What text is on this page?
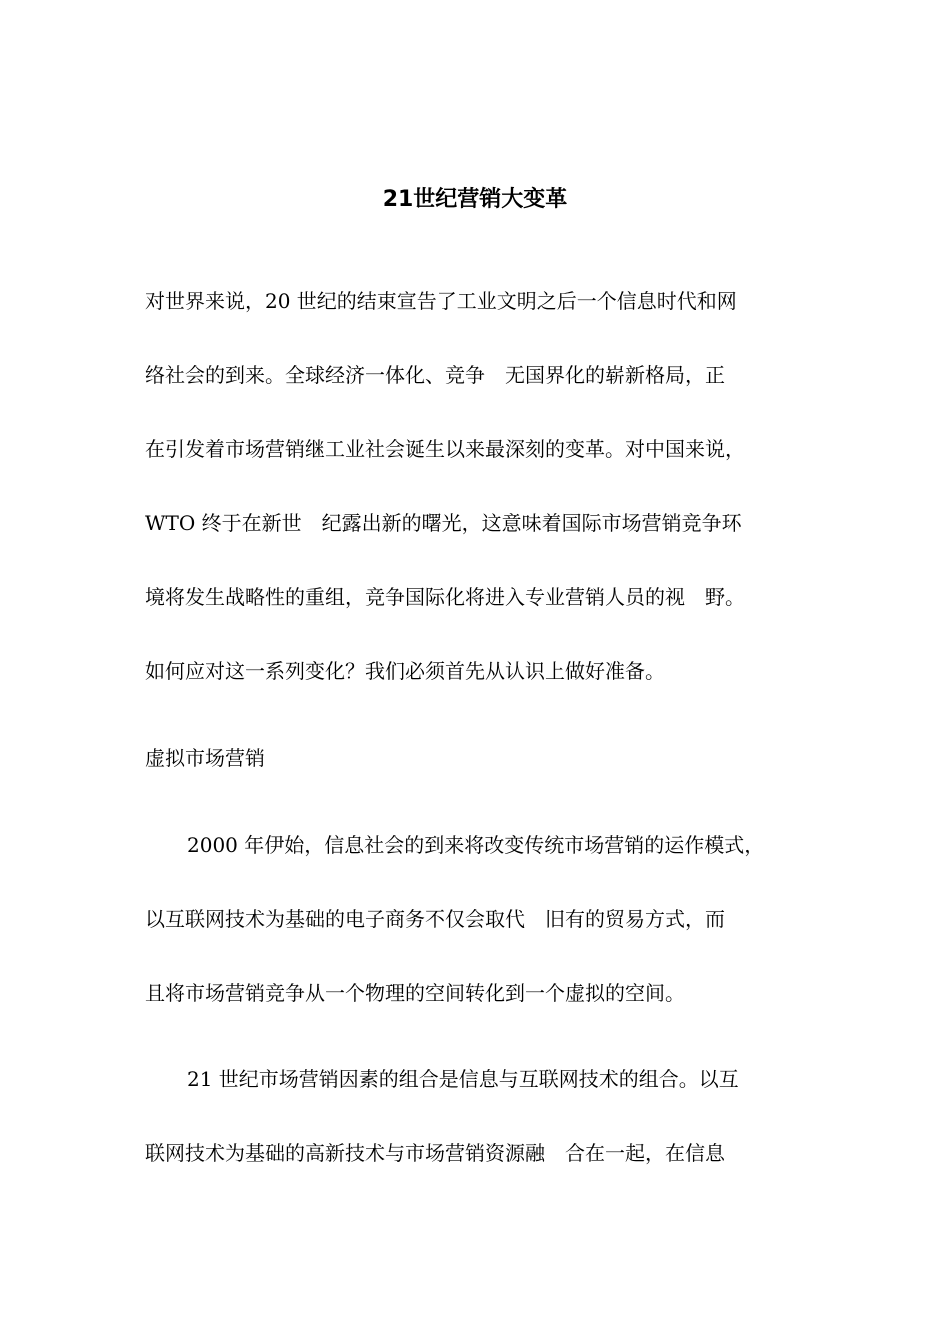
21世纪营销大变革
对世界来说，20 世纪的结束宣告了工业文明之后一个信息时代和网
络社会的到来。全球经济一体化、竞争　无国界化的崭新格局，正
在引发着市场营销继工业社会诞生以来最深刻的变革。对中国来说，
WTO 终于在新世　纪露出新的曙光，这意味着国际市场营销竞争环
境将发生战略性的重组，竞争国际化将进入专业营销人员的视　野。
如何应对这一系列变化？我们必须首先从认识上做好准备。
虚拟市场营销
2000 年伊始，信息社会的到来将改变传统市场营销的运作模式，
以互联网技术为基础的电子商务不仅会取代　旧有的贸易方式，而
且将市场营销竞争从一个物理的空间转化到一个虚拟的空间。
21 世纪市场营销因素的组合是信息与互联网技术的组合。以互
联网技术为基础的高新技术与市场营销资源融　合在一起，在信息
